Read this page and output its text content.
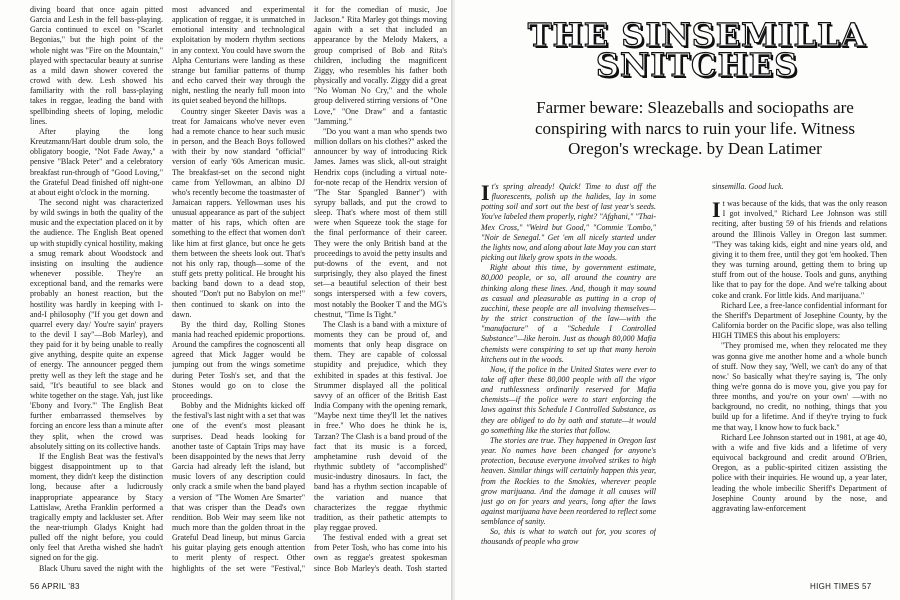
diving board that once again pitted Garcia and Lesh in the fell bass-playing. Garcia continued to excel on "Scarlet Begonias," but the high point of the whole night was "Fire on the Mountain," played with spectacular beauty at sunrise as a mild dawn shower covered the crowd with dew. Lesh showed his familiarity with the roll bass-playing takes in reggae, leading the band with spellbinding sheets of loping, melodic lines.

After playing the long Kreutzmann/Hart double drum solo, the obligatory boogie, "Not Fade Away," a pensive "Black Peter" and a celebratory breakfast run-through of "Good Loving," the Grateful Dead finished off night-one at about eight o'clock in the morning.

The second night was characterized by wild swings in both the quality of the music and the expectation placed on it by the audience. The English Beat opened up with stupidly cynical hostility, making a smug remark about Woodstock and insisting on insulting the audience whenever possible. They're an exceptional band, and the remarks were probably an honest reaction, but the hostility was hardly in keeping with I-and-I philosophy ("If you get down and quarrel every day/ You're sayin' prayers to the devil I say"—Bob Marley), and they paid for it by being unable to really give anything, despite quite an expense of energy. The announcer pegged them pretty well as they left the stage and he said, "It's beautiful to see black and white together on the stage. Yah, just like 'Ebony and Ivory.'" The English Beat further embarrassed themselves by forcing an encore less than a minute after they split, when the crowd was absolutely sitting on its collective hands.

If the English Beat was the festival's biggest disappointment up to that moment, they didn't keep the distinction long, because after a ludicrously inappropriate appearance by Stacy Lattislaw, Aretha Franklin performed a tragically empty and lackluster set. After the near-triumph Gladys Knight had pulled off the night before, you could only feel that Aretha wished she hadn't signed on for the gig.

Black Uhuru saved the night with the

most advanced and experimental application of reggae, it is unmatched in emotional intensity and technological exploitation by modern rhythm sections in any context. You could have sworn the Alpha Centurians were landing as these strange but familiar patterns of thump and echo carved their way through the night, nestling the nearly full moon into its quiet seabed beyond the hilltops.

Country singer Skeeter Davis was a treat for Jamaicans who've never even had a remote chance to hear such music in person, and the Beach Boys followed with their by now standard "official" version of early '60s American music. The breakfast-set on the second night came from Yellowman, an albino DJ who's recently become the toastmaster of Jamaican rappers. Yellowman uses his unusual appearance as part of the subject matter of his raps, which often are something to the effect that women don't like him at first glance, but once he gets them between the sheets look out. That's not his only rap, though—some of the stuff gets pretty political. He brought his backing band down to a dead stop, shouted "Don't put no Babylon on me!" then continued to skank on into the dawn.

By the third day, Rolling Stones mania had reached epidemic proportions. Around the campfires the cognoscenti all agreed that Mick Jagger would be jumping out from the wings sometime during Peter Tosh's set, and that the Stones would go on to close the proceedings.

Bobby and the Midnights kicked off the festival's last night with a set that was one of the event's most pleasant surprises. Dead heads looking for another taste of Captain Trips may have been disappointed by the news that Jerry Garcia had already left the island, but music lovers of any description could only crack a smile when the band played a version of "The Women Are Smarter" that was crisper than the Dead's own rendition. Bob Weir may seem like not much more than the golden throat in the Grateful Dead lineup, but minus Garcia his guitar playing gets enough attention to merit plenty of respect. Other highlights of the set were "Festival,"

it for the comedian of music, Joe Jackson." Rita Marley got things moving again with a set that included an appearance by the Melody Makers, a group comprised of Bob and Rita's children, including the magnificent Ziggy, who resembles his father both physically and vocally. Ziggy did a great "No Woman No Cry," and the whole group delivered stirring versions of "One Love," "One Draw" and a fantastic "Jamming."

"Do you want a man who spends two million dollars on his clothes?" asked the announcer by way of introducing Rick James. James was slick, all-out straight Hendrix cops (including a virtual note-for-note recap of the Hendrix version of "The Star Spangled Banner") with syrupy ballads, and put the crowd to sleep. That's where most of them still were when Squeeze took the stage for the final performance of their career. They were the only British band at the proceedings to avoid the petty insults and put-downs of the event, and not surprisingly, they also played the finest set—a beautiful selection of their best songs interspersed with a few covers, most notably the Booker T and the MG's chestnut, "Time Is Tight."

The Clash is a band with a mixture of moments they can be proud of, and moments that only heap disgrace on them. They are capable of colossal stupidity and prejudice, which they exhibited in spades at this festival. Joe Strummer displayed all the political savvy of an officer of the British East India Company with the opening remark, "Maybe next time they'll let the natives in free." Who does he think he is, Tarzan? The Clash is a band proud of the fact that its music is a forced, amphetamine rush devoid of the rhythmic subtlety of "accomplished" music-industry dinosaurs. In fact, the band has a rhythm section incapable of the variation and nuance that characterizes the reggae rhythmic tradition, as their pathetic attempts to play reggae proved.

The festival ended with a great set from Peter Tosh, who has come into his own as reggae's greatest spokesman since Bob Marley's death. Tosh started

56 APRIL '83

It's spring already! Quick! Time to dust off the fluorescents, polish up the halides, lay in some potting soil and sort out the best of last year's seeds. You've labeled them properly, right? "Afghani," "Thai-Mex Cross," "Weird but Good," "Commie 'Lombo," "Noir de Senegal." Get 'em all nicely started under the lights now, and along about late May you can start picking out likely grow spots in the woods.

Right about this time, by government estimate, 80,000 people, or so, all around the country are thinking along these lines. And, though it may sound as casual and pleasurable as putting in a crop of zucchini, these people are all involving themselves—by the strict construction of the law—with the "manufacture" of a "Schedule I Controlled Substance"—like heroin. Just as though 80,000 Mafia chemists were conspiring to set up that many heroin kitchens out in the woods.

Now, if the police in the United States were ever to take off after these 80,000 people with all the vigor and ruthlessness ordinarily reserved for Mafia chemists—if the police were to start enforcing the laws against this Schedule I Controlled Substance, as they are obliged to do by oath and statute—it would go something like the stories that follow.

The stories are true. They happened in Oregon last year. No names have been changed for anyone's protection, because everyone involved strikes to high heaven. Similar things will certainly happen this year, from the Rockies to the Smokies, wherever people grow marijuana. And the damage it all causes will just go on for years and years, long after the laws against marijuana have been reordered to reflect some semblance of sanity.

So, this is what to watch out for, you scores of thousands of people who grow

sinsemilla. Good luck.

It was because of the kids, that was the only reason I got involved," Richard Lee Johnson was still reciting, after busting 59 of his friends and relations around the Illinois Valley in Oregon last summer. "They was taking kids, eight and nine years old, and giving it to them free, until they got 'em hooked. Then they was turning around, getting them to bring up stuff from out of the house. Tools and guns, anything like that to pay for the dope. And we're talking about coke and crank. For little kids. And marijuana."

Richard Lee, a free-lance confidential informant for the Sheriff's Department of Josephine County, by the California border on the Pacific slope, was also telling HIGH TIMES this about his employers:

"They promised me, when they relocated me they was gonna give me another home and a whole bunch of stuff. Now they say, 'Well, we can't do any of that now.' So basically what they're saying is, 'The only thing we're gonna do is move you, give you pay for three months, and you're on your own' —with no background, no credit, no nothing, things that you build up for a lifetime. And if they're trying to fuck me that way, I know how to fuck back."

Richard Lee Johnson started out in 1981, at age 40, with a wife and five kids and a lifetime of very equivocal background and credit around O'Brien, Oregon, as a public-spirited citizen assisting the police with their inquiries. He wound up, a year later, leading the whole imbecilic Sheriff's Department of Josephine County around by the nose, and aggravating law-enforcement

HIGH TIMES 57
THE SINSEMILLA SNITCHES
Farmer beware: Sleazeballs and sociopaths are conspiring with narcs to ruin your life. Witness Oregon's wreckage. by Dean Latimer
